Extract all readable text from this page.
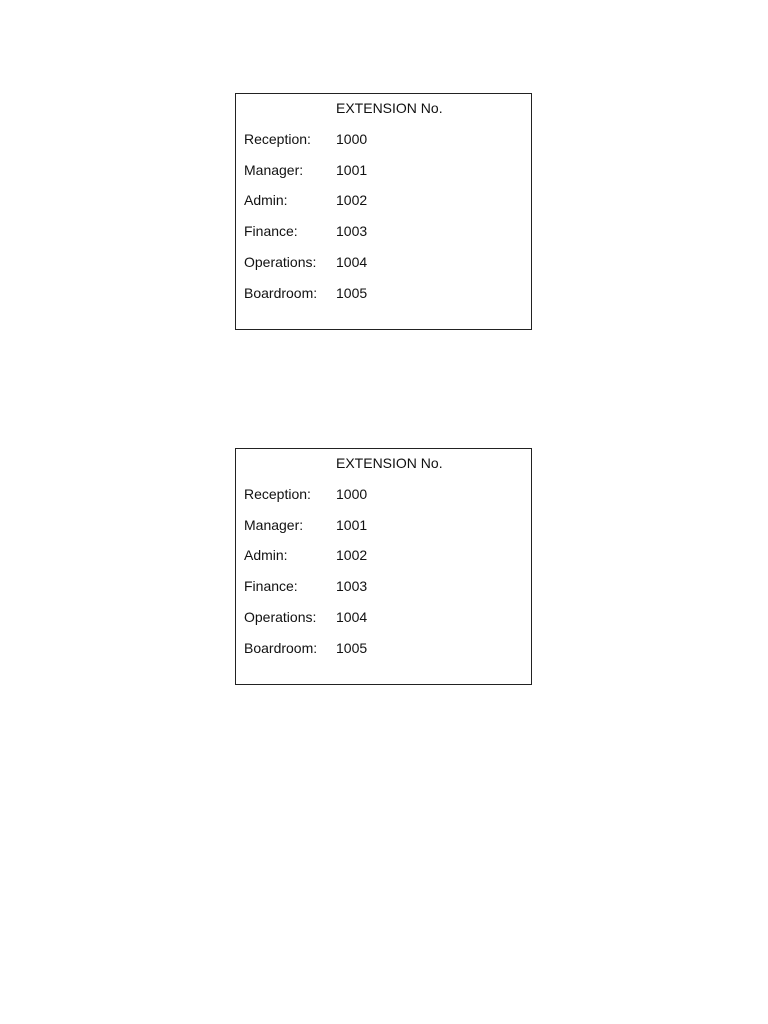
EXTENSION No.
Reception: 1000
Manager: 1001
Admin:	1002
Finance:	1003
Operations: 1004
Boardroom: 1005
EXTENSION No.
Reception: 1000
Manager: 1001
Admin:	1002
Finance:	1003
Operations: 1004
Boardroom: 1005
